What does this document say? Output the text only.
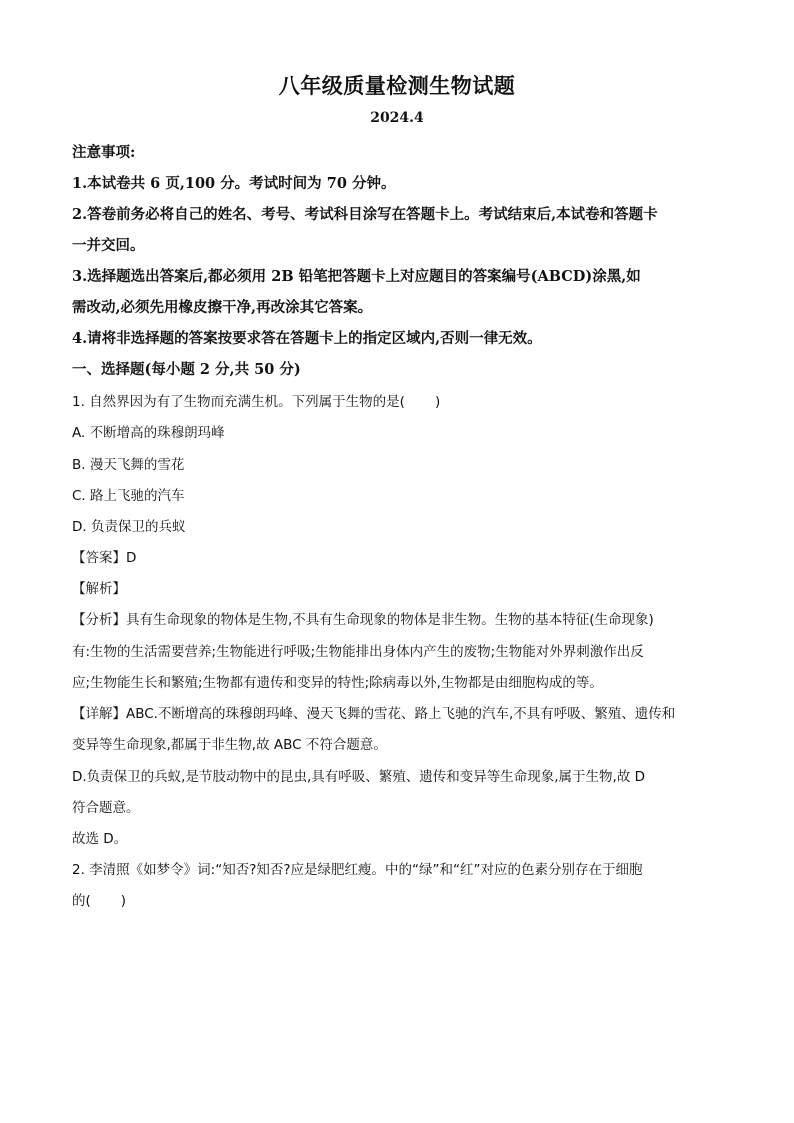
八年级质量检测生物试题
2024.4
注意事项:
1.本试卷共 6 页,100 分。考试时间为 70 分钟。
2.答卷前务必将自己的姓名、考号、考试科目涂写在答题卡上。考试结束后,本试卷和答题卡
一并交回。
3.选择题选出答案后,都必须用 2B 铅笔把答题卡上对应题目的答案编号(ABCD)涂黑,如
需改动,必须先用橡皮擦干净,再改涂其它答案。
4.请将非选择题的答案按要求答在答题卡上的指定区域内,否则一律无效。
一、选择题(每小题 2 分,共 50 分)
1. 自然界因为有了生物而充满生机。下列属于生物的是( )
A. 不断增高的珠穆朗玛峰
B. 漫天飞舞的雪花
C. 路上飞驰的汽车
D. 负责保卫的兵蚁
【答案】D
【解析】
【分析】具有生命现象的物体是生物,不具有生命现象的物体是非生物。生物的基本特征(生命现象)
有:生物的生活需要营养;生物能进行呼吸;生物能排出身体内产生的废物;生物能对外界刺激作出反
应;生物能生长和繁殖;生物都有遗传和变异的特性;除病毒以外,生物都是由细胞构成的等。
【详解】ABC.不断增高的珠穆朗玛峰、漫天飞舞的雪花、路上飞驰的汽车,不具有呼吸、繁殖、遗传和
变异等生命现象,都属于非生物,故 ABC 不符合题意。
D.负责保卫的兵蚁,是节肢动物中的昆虫,具有呼吸、繁殖、遗传和变异等生命现象,属于生物,故 D
符合题意。
故选 D。
2. 李清照《如梦令》词:“知否?知否?应是绿肥红瘦。中的“绿”和“红”对应的色素分别存在于细胞
的( )
